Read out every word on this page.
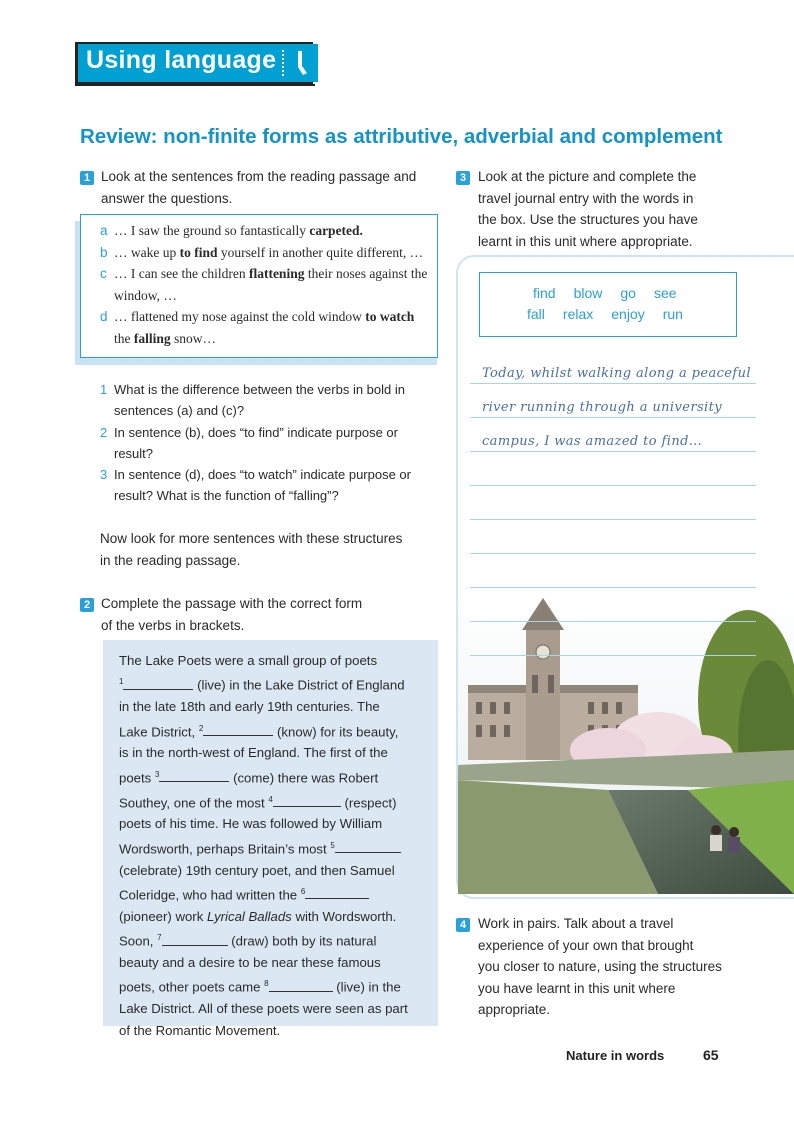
Using language
Review: non-finite forms as attributive, adverbial and complement
1 Look at the sentences from the reading passage and
answer the questions.
a … I saw the ground so fantastically carpeted.
b … wake up to find yourself in another quite different, …
c … I can see the children flattening their noses against the
window, …
d … flattened my nose against the cold window to watch
the falling snow…
1 What is the difference between the verbs in bold in
sentences (a) and (c)?
2 In sentence (b), does “to find” indicate purpose or
result?
3 In sentence (d), does “to watch” indicate purpose or
result? What is the function of “falling”?
Now look for more sentences with these structures
in the reading passage.
2 Complete the passage with the correct form
of the verbs in brackets.
The Lake Poets were a small group of poets
$^1$	(live) in the Lake District of England
in the late 18th and early 19th centuries. The
Lake District, $^2$	(know) for its beauty,
is in the north-west of England. The first of the
poets $^3$	(come) there was Robert
Southey, one of the most $^4$	(respect)
poets of his time. He was followed by William
Wordsworth, perhaps Britain’s most $^5$
(celebrate) 19th century poet, and then Samuel
Coleridge, who had written the $^6$
(pioneer) work Lyrical Ballads with Wordsworth.
Soon, $^7$	(draw) both by its natural
beauty and a desire to be near these famous
poets, other poets came $^8$	(live) in the
Lake District. All of these poets were seen as part
of the Romantic Movement.
3 Look at the picture and complete the
travel journal entry with the words in
the box. Use the structures you have
learnt in this unit where appropriate.
find blow go see
fall relax enjoy run
Today, whilst walking along a peaceful
river running through a university
campus, I was amazed to find…
4 Work in pairs. Talk about a travel
experience of your own that brought
you closer to nature, using the structures
you have learnt in this unit where
appropriate.
Nature in words	65
